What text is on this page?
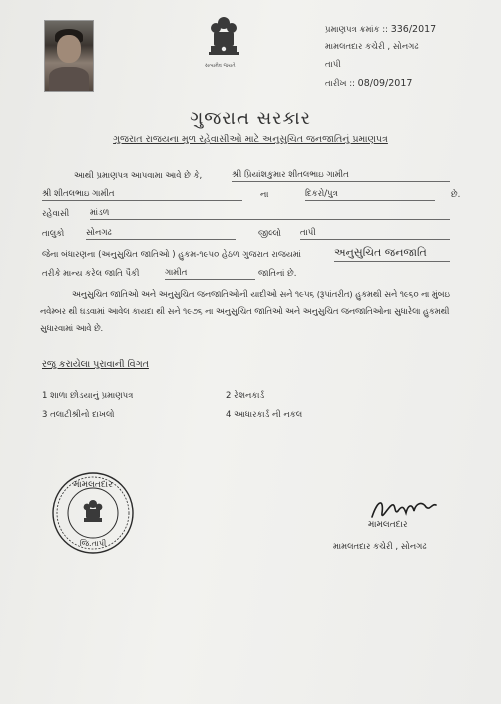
સત્યમેવ જયતે
પ્રમાણપત્ર ક્રમાંક :: 336/2017
મામલતદાર કચેરી , સોનગઢ
તાપી
તારીખ :: 08/09/2017
ગુજરાત સરકાર
ગુજરાત રાજયના મુળ રહેવાસીઓ માટે અનુસુચિત જનજાતિનું પ્રમાણપત્ર
આથી પ્રમાણપત્ર આપવામા આવે છે કે,	શ્રી પ્રિયાંશકુમાર શીતલભાઇ ગામીત
શ્રી શીતલભાઇ ગામીત	ના	દિકરો/પુત્ર	છે.
રહેવાસી માંડળ
તાલુકો	સોનગઢ	જીલ્લો તાપી
જેના બંધારણના (અનુસુચિત જાતિઓ ) હુકમ-૧૯૫૦ હેઠળ ગુજરાત રાજયમાં	અનુસુચિત જનજાતિ
તરીકે માન્ય કરેલ જાતિ પૈકી	ગામીત	જાતિનાં છે.
અનુસુચિત જાતિઓ અને અનુસુચિત જનજાતિઓની યાદીઓ સને ૧૯૫૬ (રૂપાંતરીત) હુકમથી સને ૧૯૬૦ ના મુંબઇ નવેમ્બર થી ઘડવામાં આવેલ કાયદા થી સને ૧૯૭૬ ના અનુસુચિત જાતિઓ અને અનુસુચિત જનજાતિઓના સુધારેલા હુકમથી સુધારવામાં આવે છે.
રજુ કરાયેલા પુરાવાની વિગત
1 શાળા છોડયાનું પ્રમાણપત્ર	2 રેશનકાર્ડ
3 તલાટીશ્રીનો દાખલો	4 આધારકાર્ડ ની નકલ
મામલતદાર
જિ.તાપી
મામલતદાર
મામલતદાર કચેરી , સોનગઢ
